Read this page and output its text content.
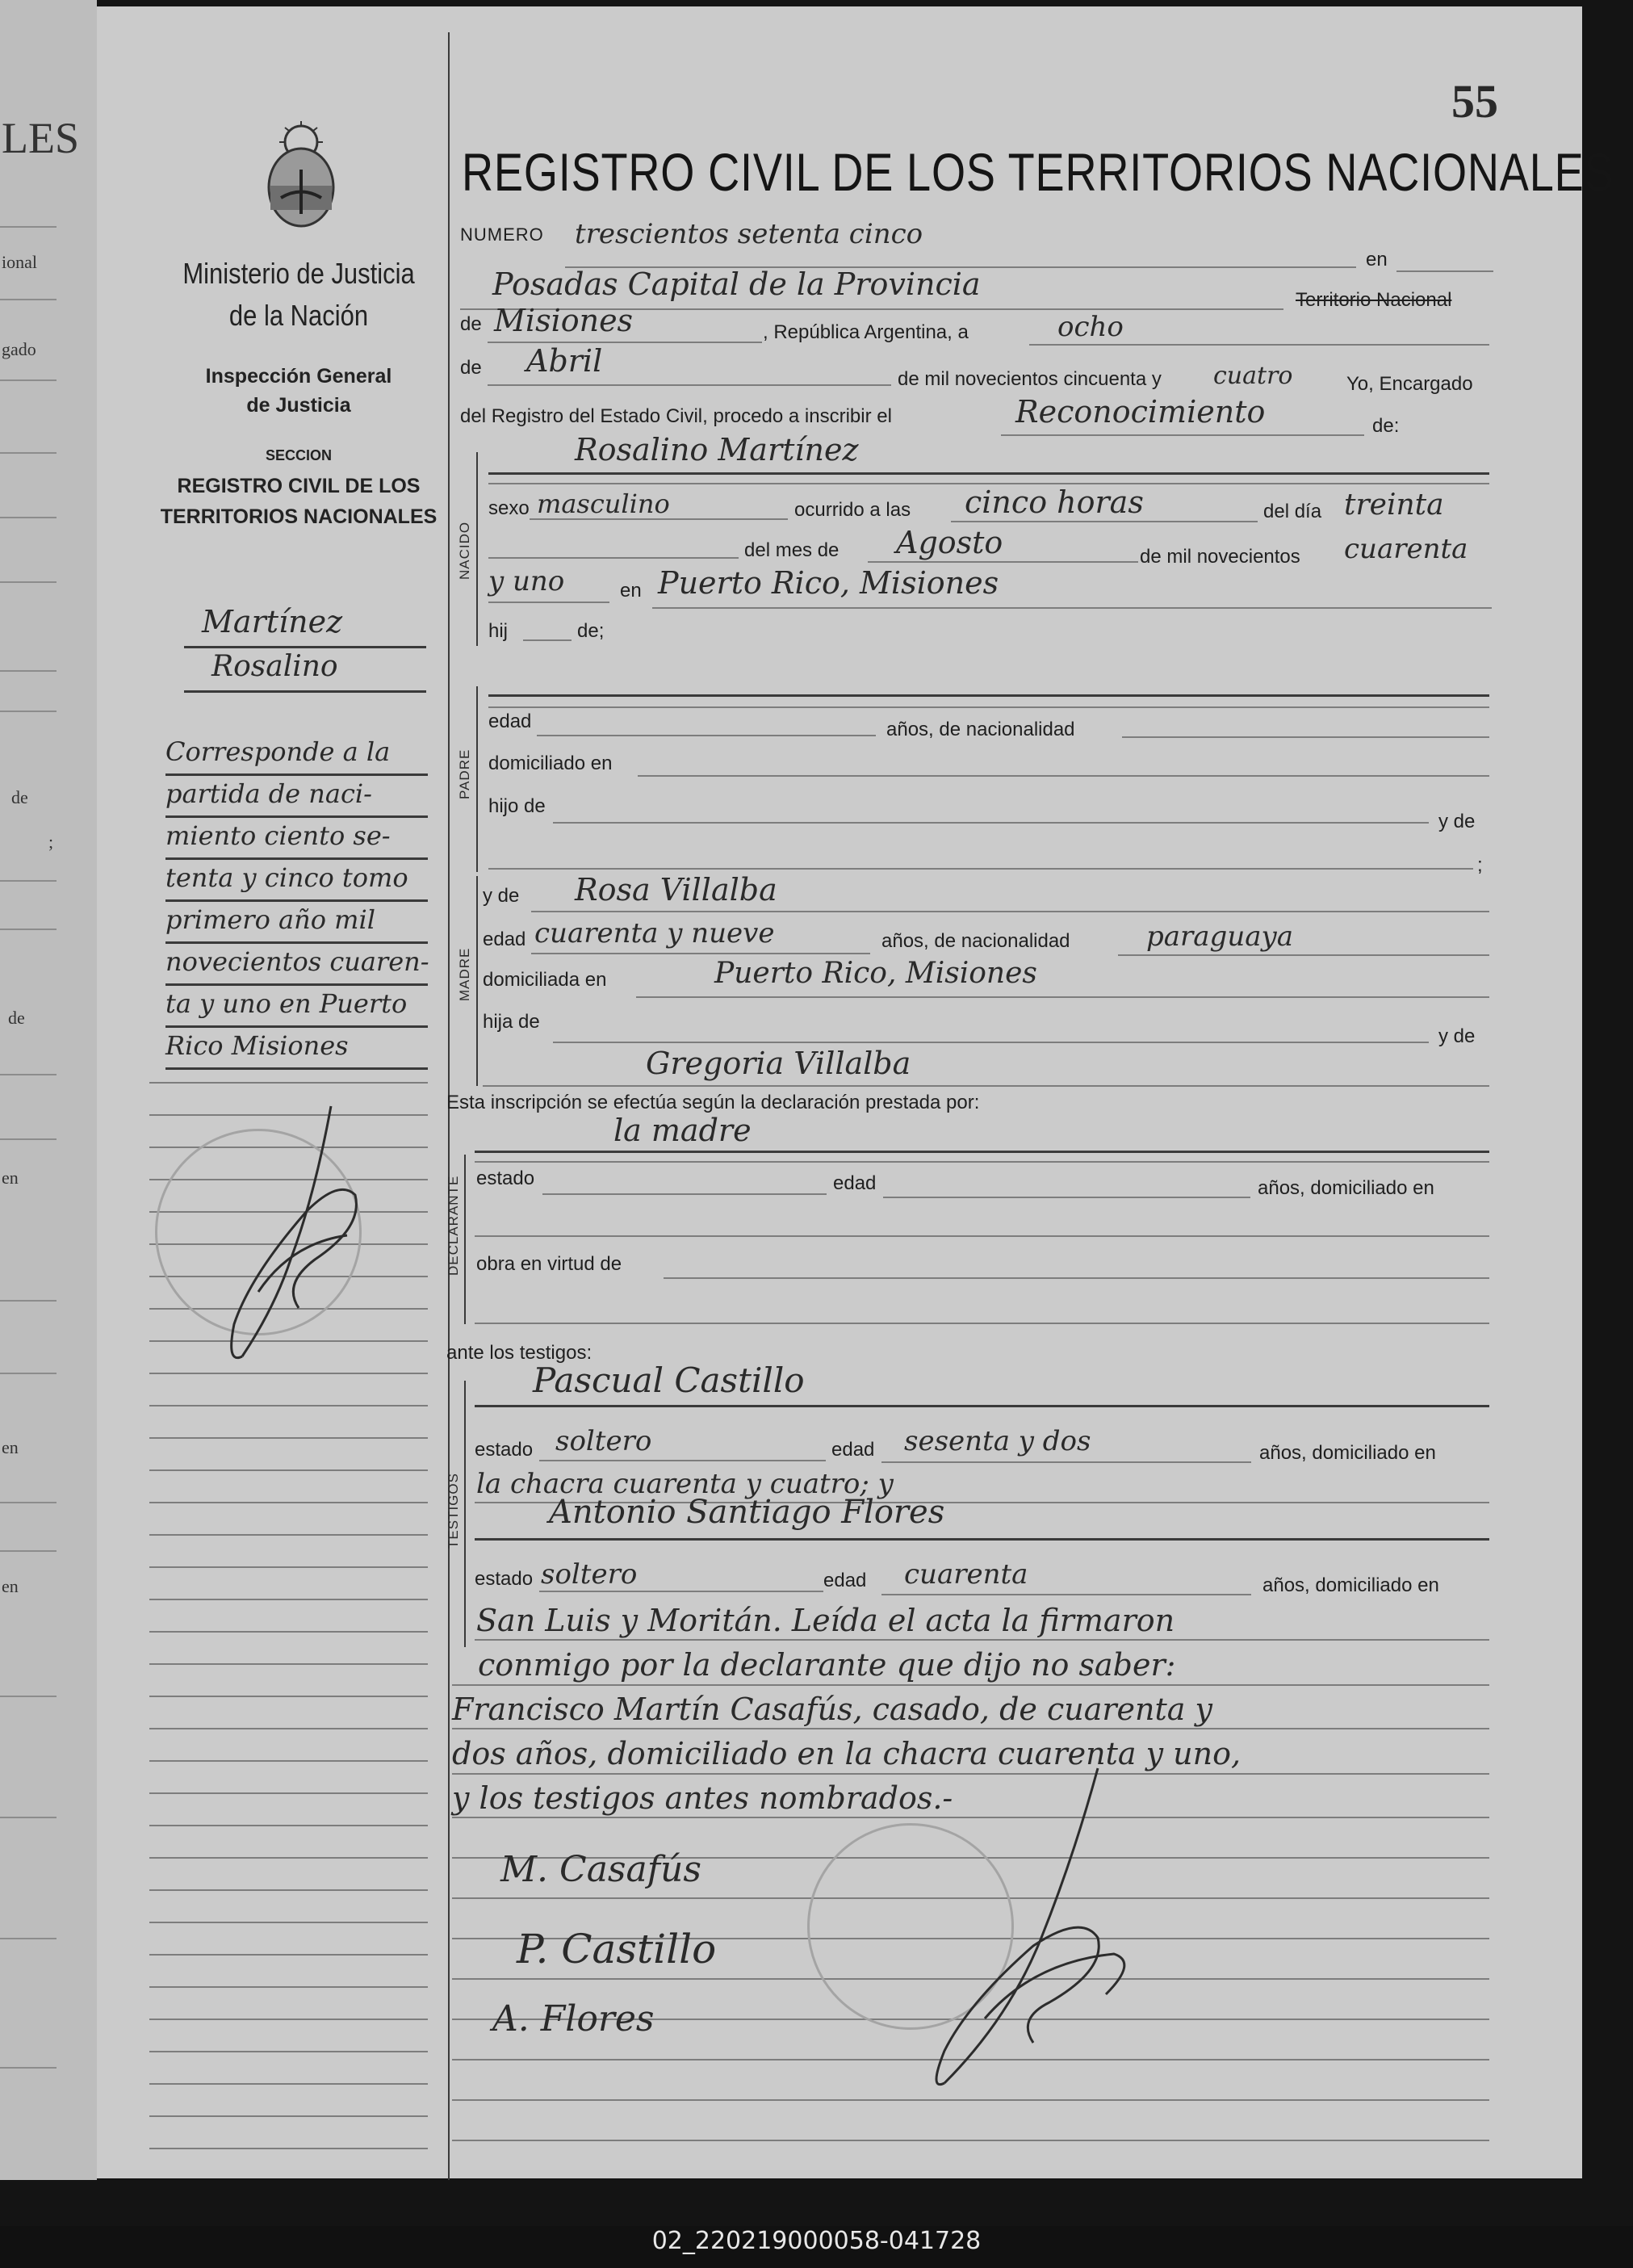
LES
ional
gado
de
;
de
en
en
en
Ministerio de Justicia
de la Nación
Inspección General
de Justicia
SECCION
REGISTRO CIVIL DE LOS
TERRITORIOS NACIONALES
Martínez
Rosalino
Corresponde a la
partida de naci-
miento ciento se-
tenta y cinco tomo
primero año mil
novecientos cuaren-
ta y uno en Puerto
Rico Misiones
55
REGISTRO CIVIL DE LOS TERRITORIOS NACIONALES
NUMERO trescientos setenta cinco
en
Posadas Capital de la Provincia	Territorio Nacional
de Misiones	, República Argentina, a	ocho
de Abril
de mil novecientos cincuenta y cuatro	Yo, Encargado
del Registro del Estado Civil, procedo a inscribir el	Reconocimiento	de:
Rosalino Martínez
NACIDO
sexo masculino	ocurrido a las cinco horas	del día treinta
del mes de Agosto	de mil novecientos cuarenta
y uno	en Puerto Rico, Misiones
hij	de;
PADRE
edad	años, de nacionalidad
domiciliado en
hijo de
y de
;
MADRE
y de Rosa Villalba
edad cuarenta y nueve	años, de nacionalidad	paraguaya
domiciliada en	Puerto Rico, Misiones
hija de
y de
Gregoria Villalba
Esta inscripción se efectúa según la declaración prestada por:
la madre
DECLARANTE estado	edad	años, domiciliado en
obra en virtud de
ante los testigos:
TESTIGOS
Pascual Castillo
estado soltero	edad sesenta y dos	años, domiciliado en
la chacra cuarenta y cuatro; y
Antonio Santiago Flores
estado soltero	edad cuarenta	años, domiciliado en
San Luis y Moritán. Leída el acta la firmaron
conmigo por la declarante que dijo no saber:
Francisco Martín Casafús, casado, de cuarenta y
dos años, domiciliado en la chacra cuarenta y uno,
y los testigos antes nombrados.-
M. Casafús
P. Castillo
A. Flores
02_220219000058-041728
